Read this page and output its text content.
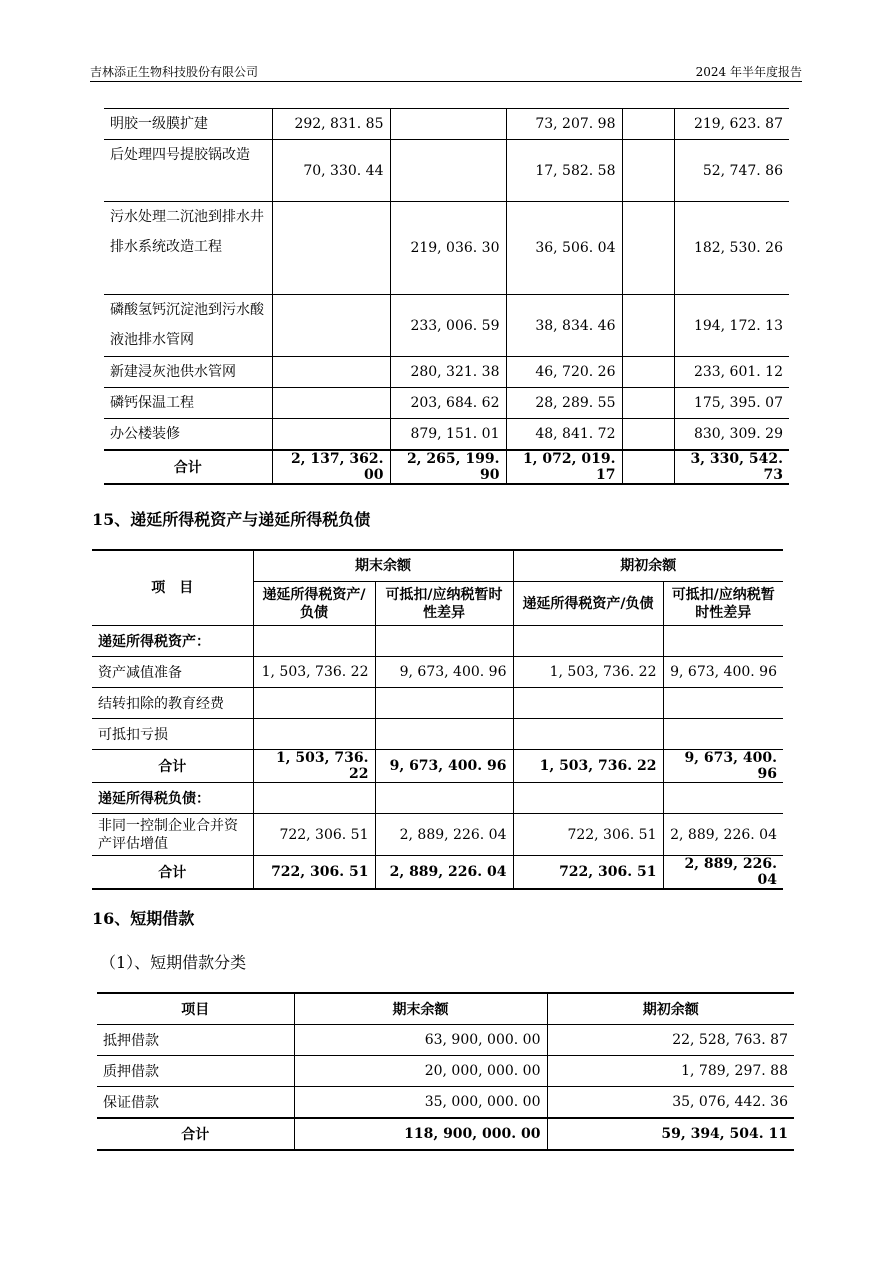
吉林添正生物科技股份有限公司	2024 年半年度报告
明胶一级膜扩建	292, 831. 85		73, 207. 98		219, 623. 87
后处理四号提胶锅改造	70, 330. 44		17, 582. 58		52, 747. 86
污水处理二沉池到排水井排水系统改造工程		219, 036. 30	36, 506. 04		182, 530. 26
磷酸氢钙沉淀池到污水酸液池排水管网		233, 006. 59	38, 834. 46		194, 172. 13
新建浸灰池供水管网		280, 321. 38	46, 720. 26		233, 601. 12
磷钙保温工程		203, 684. 62	28, 289. 55		175, 395. 07
办公楼装修		879, 151. 01	48, 841. 72		830, 309. 29
合计	2, 137, 362. 00	2, 265, 199. 90	1, 072, 019. 17		3, 330, 542. 73
15、递延所得税资产与递延所得税负债
项　目	期末余额		期初余额	
	递延所得税资产/负债	可抵扣/应纳税暂时性差异	递延所得税资产/负债	可抵扣/应纳税暂时性差异
递延所得税资产：				
资产减值准备	1, 503, 736. 22	9, 673, 400. 96	1, 503, 736. 22	9, 673, 400. 96
结转扣除的教育经费				
可抵扣亏损				
合计	1, 503, 736. 22	9, 673, 400. 96	1, 503, 736. 22	9, 673, 400. 96
递延所得税负债：				
非同一控制企业合并资产评估增值	722, 306. 51	2, 889, 226. 04	722, 306. 51	2, 889, 226. 04
合计	722, 306. 51	2, 889, 226. 04	722, 306. 51	2, 889, 226. 04
16、短期借款
（1）、短期借款分类
项目	期末余额	期初余额
抵押借款	63, 900, 000. 00	22, 528, 763. 87
质押借款	20, 000, 000. 00	1, 789, 297. 88
保证借款	35, 000, 000. 00	35, 076, 442. 36
合计	118, 900, 000. 00	59, 394, 504. 11
